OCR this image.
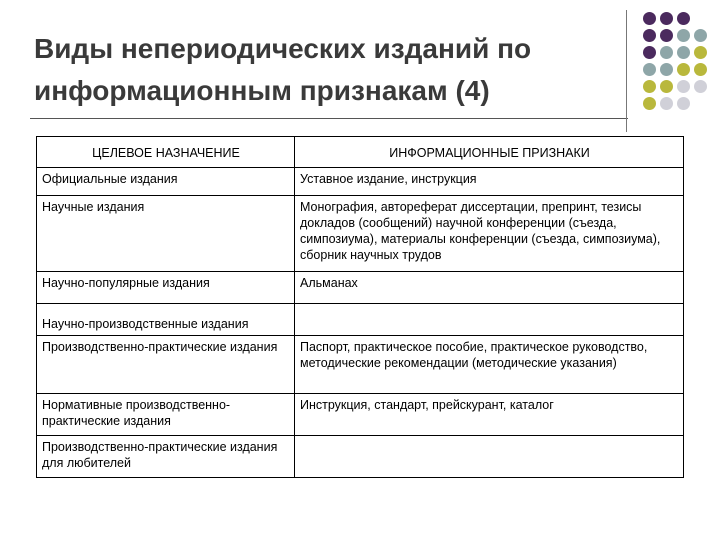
Виды непериодических изданий по информационным признакам (4)
ЦЕЛЕВОЕ НАЗНАЧЕНИЕ	ИНФОРМАЦИОННЫЕ ПРИЗНАКИ
Официальные издания	Уставное издание, инструкция
Научные издания	Монография, автореферат диссертации, препринт, тезисы докладов (сообщений) научной конференции (съезда, симпозиума), материалы конференции (съезда, симпозиума), сборник научных трудов
Научно-популярные издания	Альманах
Научно-производственные издания	
Производственно-практические издания	Паспорт, практическое пособие, практическое руководство, методические рекомендации (методические указания)
Нормативные производственно-практические издания	Инструкция, стандарт, прейскурант, каталог
Производственно-практические издания для любителей	
